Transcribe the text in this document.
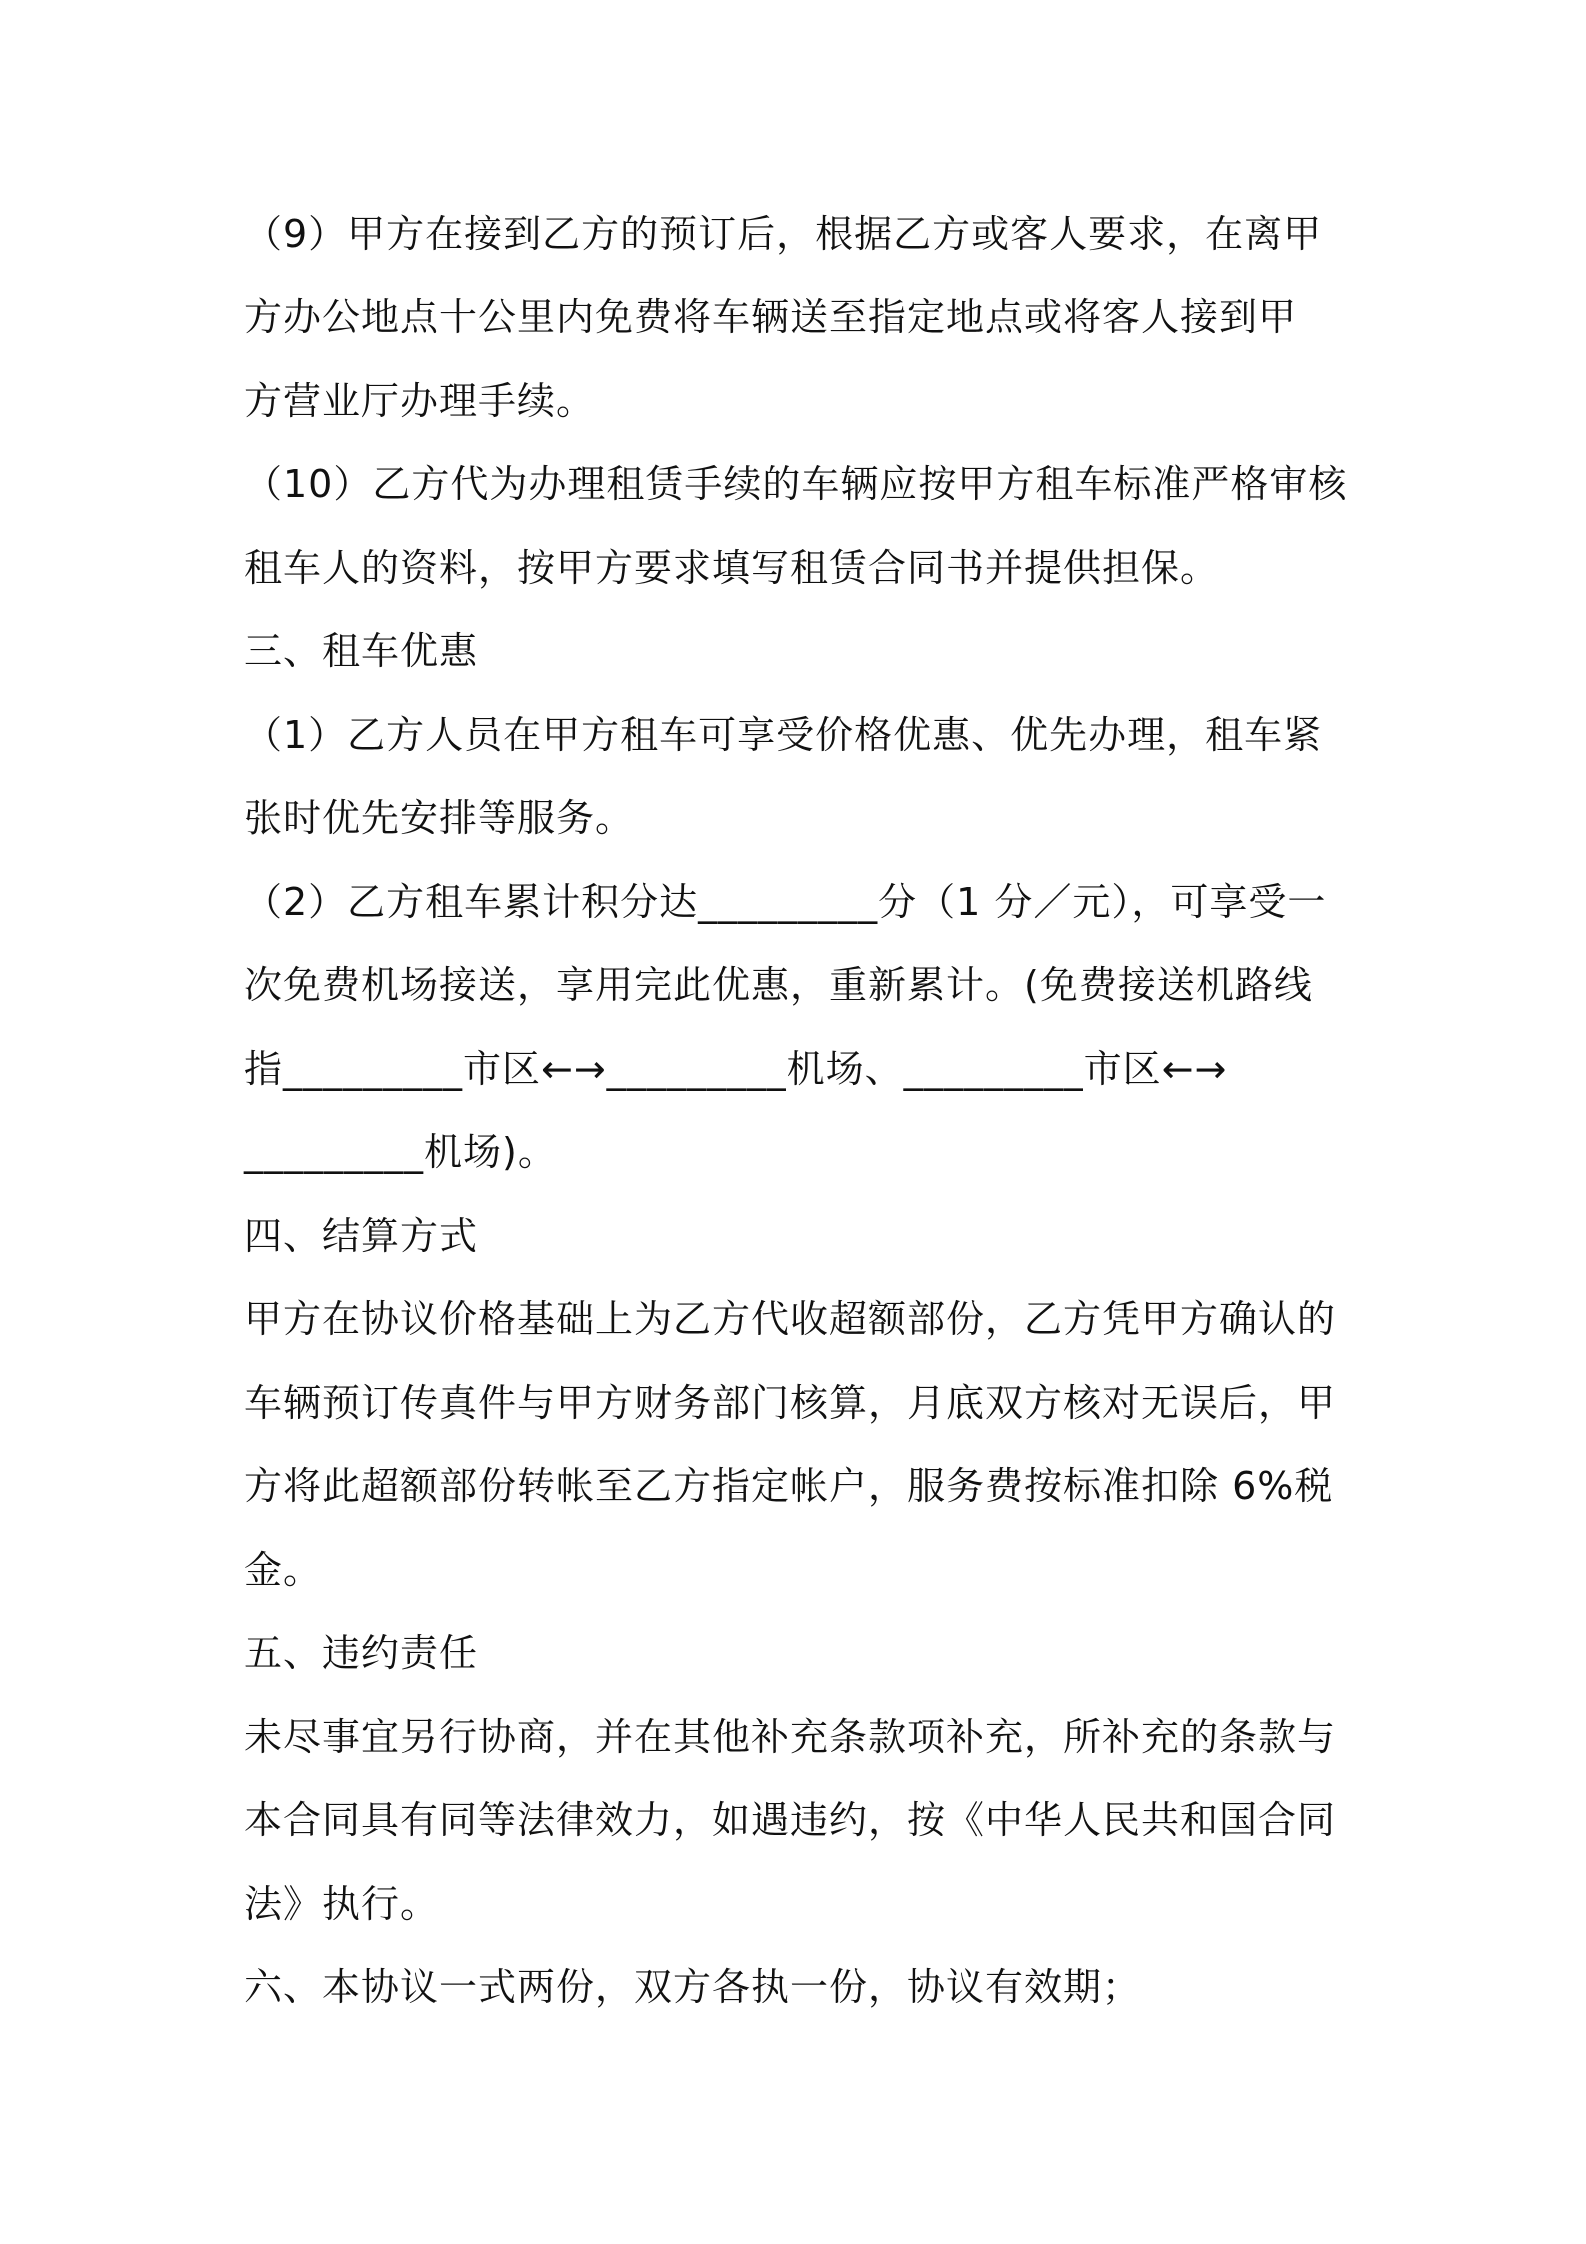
（9）甲方在接到乙方的预订后，根据乙方或客人要求，在离甲
方办公地点十公里内免费将车辆送至指定地点或将客人接到甲
方营业厅办理手续。
（10）乙方代为办理租赁手续的车辆应按甲方租车标准严格审核
租车人的资料，按甲方要求填写租赁合同书并提供担保。
三、租车优惠
（1）乙方人员在甲方租车可享受价格优惠、优先办理，租车紧
张时优先安排等服务。
（2）乙方租车累计积分达_________分（1 分／元），可享受一
次免费机场接送，享用完此优惠，重新累计。(免费接送机路线
指_________市区←→_________机场、_________市区←→
_________机场)。
四、结算方式
甲方在协议价格基础上为乙方代收超额部份，乙方凭甲方确认的
车辆预订传真件与甲方财务部门核算，月底双方核对无误后，甲
方将此超额部份转帐至乙方指定帐户，服务费按标准扣除 6%税
金。
五、违约责任
未尽事宜另行协商，并在其他补充条款项补充，所补充的条款与
本合同具有同等法律效力，如遇违约，按《中华人民共和国合同
法》执行。
六、本协议一式两份，双方各执一份，协议有效期；
